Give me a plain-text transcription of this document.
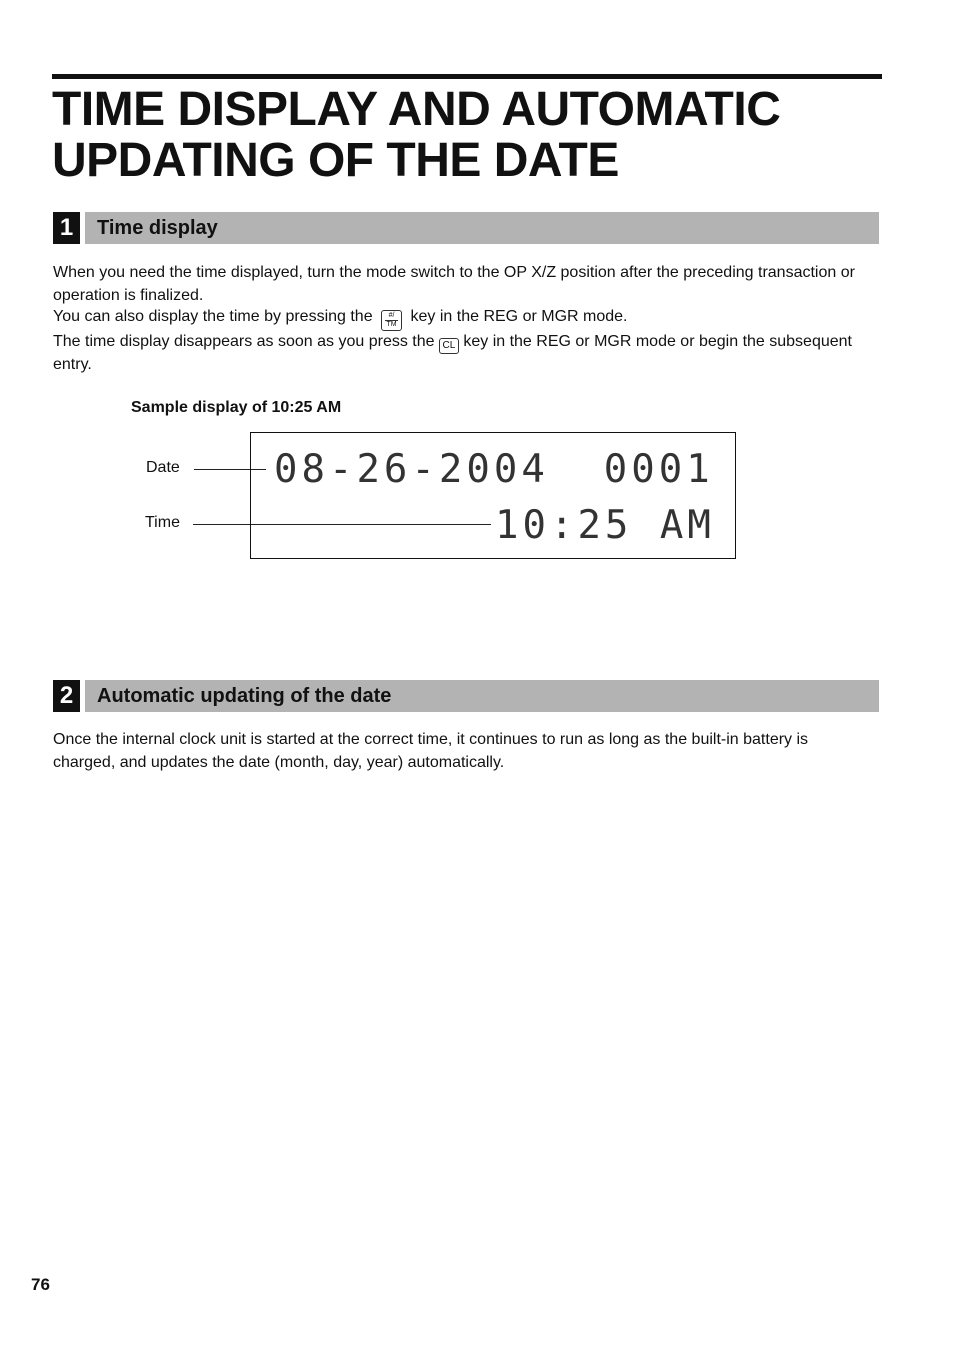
TIME DISPLAY AND AUTOMATIC
UPDATING OF THE DATE
1	Time display

When you need the time displayed, turn the mode switch to the OP X/Z position after the preceding transaction or operation is finalized.

You can also display the time by pressing the	#/
TM key in the REG or MGR mode.

The time display disappears as soon as you press the CL key in the REG or MGR mode or begin the subsequent entry.

Sample display of 10:25 AM
Date
Time
08-26-2004  0001
10:25 AM
2	Automatic updating of the date

Once the internal clock unit is started at the correct time, it continues to run as long as the built-in battery is charged, and updates the date (month, day, year) automatically.

76
